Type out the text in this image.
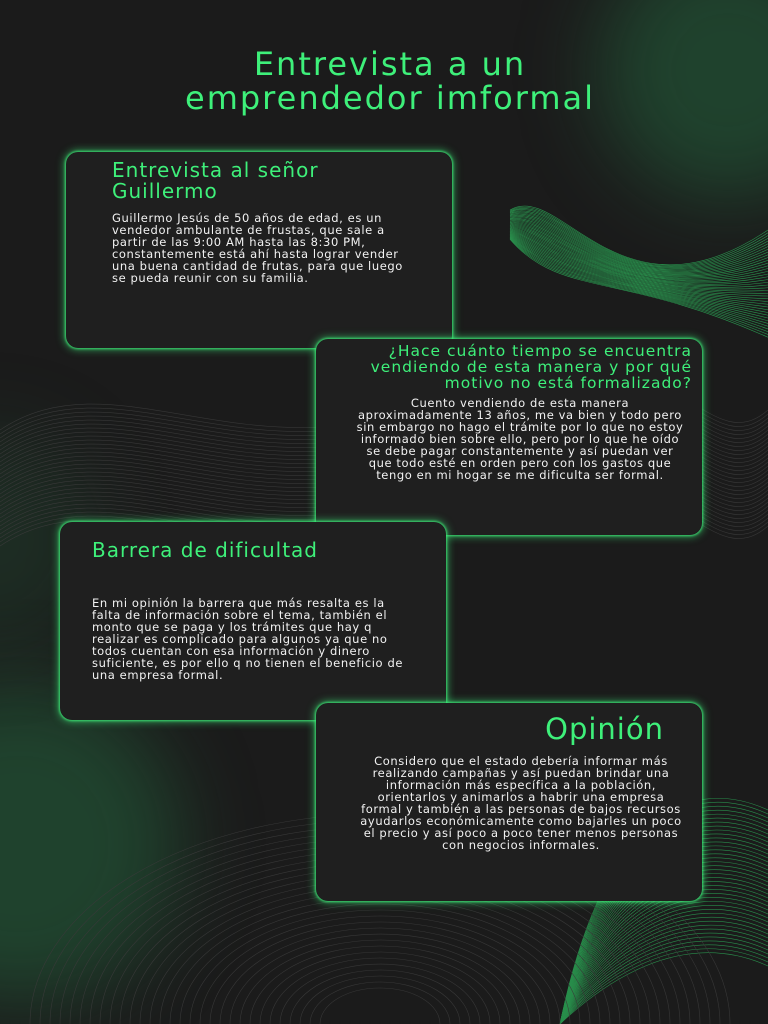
Entrevista a un emprendedor imformal
Entrevista al señor Guillermo

Guillermo Jesús de 50 años de edad, es un vendedor ambulante de frustas, que sale a partir de las 9:00 AM hasta las 8:30 PM, constantemente está ahí hasta lograr vender una buena cantidad de frutas, para que luego se pueda reunir con su familia.

¿Hace cuánto tiempo se encuentra vendiendo de esta manera y por qué motivo no está formalizado?

Cuento vendiendo de esta manera aproximadamente 13 años, me va bien y todo pero sin embargo no hago el trámite por lo que no estoy informado bien sobre ello, pero por lo que he oído se debe pagar constantemente y así puedan ver que todo esté en orden pero con los gastos que tengo en mi hogar se me dificulta ser formal.

Barrera de dificultad

En mi opinión la barrera que más resalta es la falta de información sobre el tema, también el monto que se paga y los trámites que hay q realizar es complicado para algunos ya que no todos cuentan con esa información y dinero suficiente, es por ello q no tienen el beneficio de una empresa formal.

Opinión

Considero que el estado debería informar más realizando campañas y así puedan brindar una información más específica a la población, orientarlos y animarlos a habrir una empresa formal y también a las personas de bajos recursos ayudarlos económicamente como bajarles un poco el precio y así poco a poco tener menos personas con negocios informales.
